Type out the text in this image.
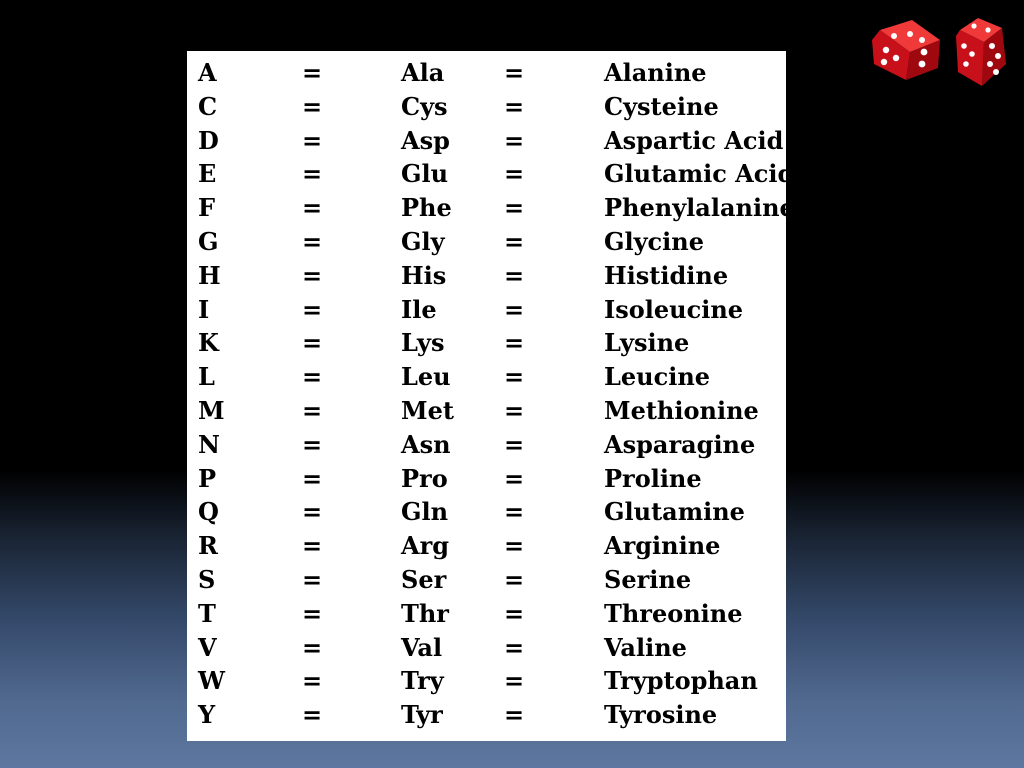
A	=	Ala =	Alanine
C	=	Cys =	Cysteine
D	=	Asp =	Aspartic Acid
E	=	Glu =	Glutamic Acid
F	=	Phe =	Phenylalanine
G	=	Gly =	Glycine
H	=	His =	Histidine
I	=	Ile	=	Isoleucine
K	=	Lys =	Lysine
L	=	Leu =	Leucine
M	=	Met =	Methionine
N	=	Asn =	Asparagine
P	=	Pro =	Proline
Q	=	Gln =	Glutamine
R	=	Arg =	Arginine
S	=	Ser =	Serine
T	=	Thr =	Threonine
V	=	Val	=	Valine
W	=	Try	=	Tryptophan
Y	=	Tyr	=	Tyrosine
